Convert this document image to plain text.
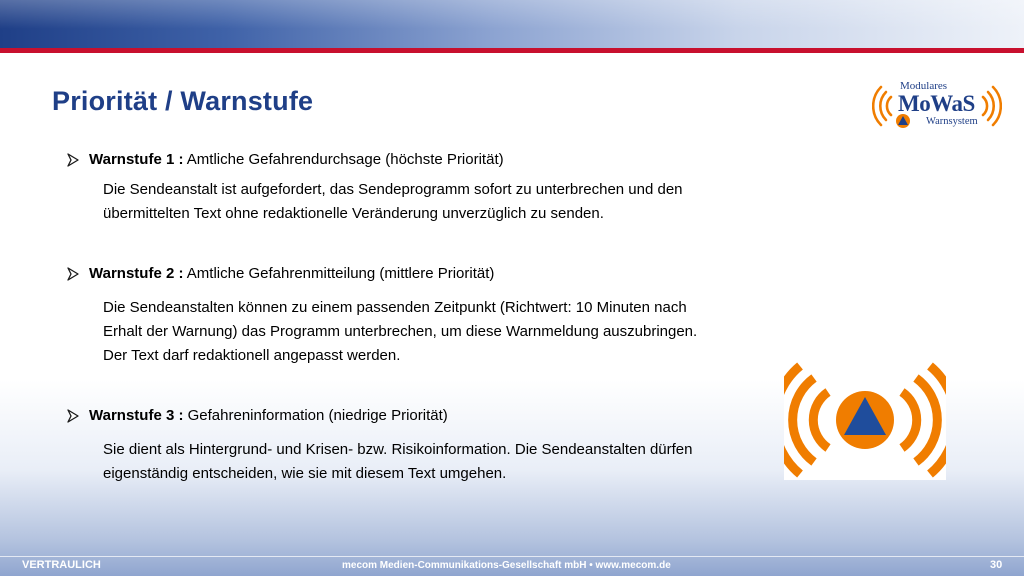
Priorität / Warnstufe	Modulares
MoWaS
Warnsystem
Warnstufe 1 : Amtliche Gefahrendurchsage (höchste Priorität)
Die Sendeanstalt ist aufgefordert, das Sendeprogramm sofort zu unterbrechen und den
übermittelten Text ohne redaktionelle Veränderung unverzüglich zu senden.
Warnstufe 2 : Amtliche Gefahrenmitteilung (mittlere Priorität)
Die Sendeanstalten können zu einem passenden Zeitpunkt (Richtwert: 10 Minuten nach
Erhalt der Warnung) das Programm unterbrechen, um diese Warnmeldung auszubringen.
Der Text darf redaktionell angepasst werden.
Warnstufe 3 : Gefahreninformation (niedrige Priorität)
Sie dient als Hintergrund- und Krisen- bzw. Risikoinformation. Die Sendeanstalten dürfen
eigenständig entscheiden, wie sie mit diesem Text umgehen.
VERTRAULICH	mecom Medien-Communikations-Gesellschaft mbH • www.mecom.de	30
